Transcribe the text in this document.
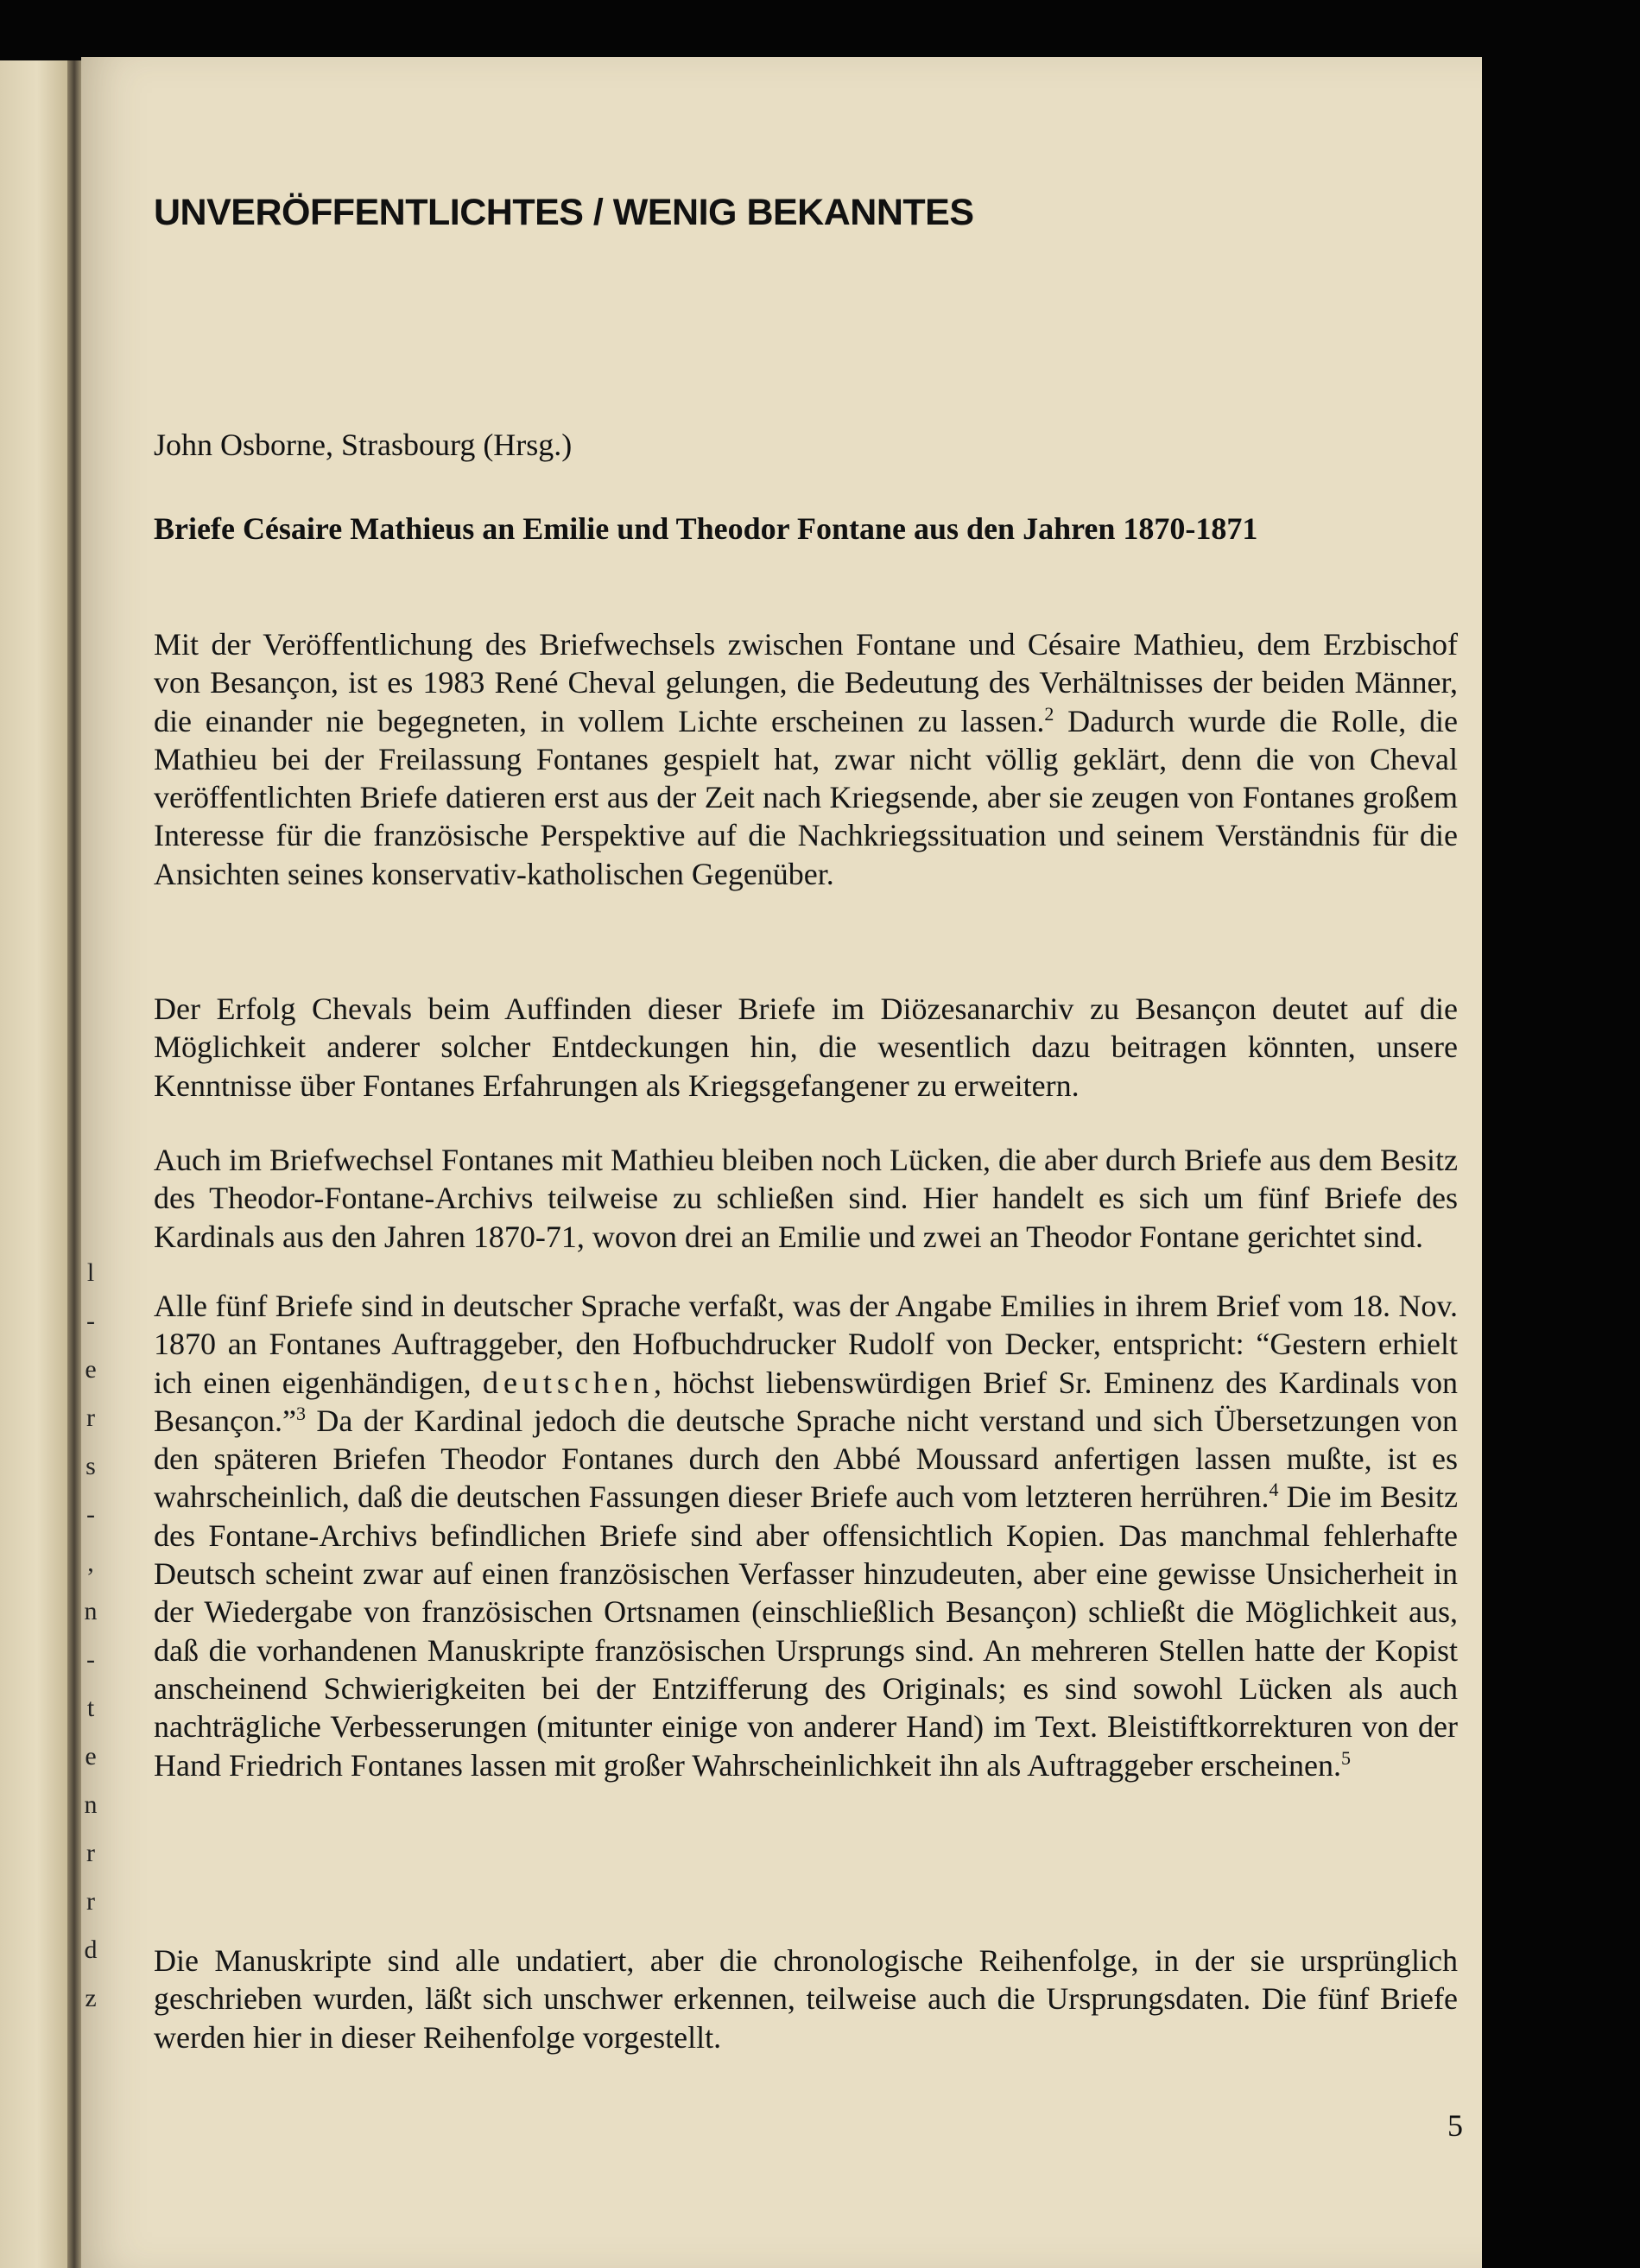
l
-
e
r
s
-
,
n
-
t
e
n
r
r
d
z
UNVERÖFFENTLICHTES / WENIG BEKANNTES

John Osborne, Strasbourg (Hrsg.)

Briefe Césaire Mathieus an Emilie und Theodor Fontane aus den Jahren 1870-1871

Mit der Veröffentlichung des Briefwechsels zwischen Fontane und Césaire Mathieu, dem Erzbischof von Besançon, ist es 1983 René Cheval gelungen, die Bedeutung des Verhältnisses der beiden Männer, die einander nie begegneten, in vollem Lichte erscheinen zu lassen.$^2$ Dadurch wurde die Rolle, die Mathieu bei der Freilassung Fontanes gespielt hat, zwar nicht völlig geklärt, denn die von Cheval veröffentlichten Briefe datieren erst aus der Zeit nach Kriegsende, aber sie zeugen von Fontanes großem Interesse für die französische Perspektive auf die Nachkriegssituation und seinem Verständnis für die Ansichten seines konservativ-katholischen Gegenüber.

Der Erfolg Chevals beim Auffinden dieser Briefe im Diözesanarchiv zu Besançon deutet auf die Möglichkeit anderer solcher Entdeckungen hin, die wesentlich dazu beitragen könnten, unsere Kenntnisse über Fontanes Erfahrungen als Kriegsgefangener zu erweitern.

Auch im Briefwechsel Fontanes mit Mathieu bleiben noch Lücken, die aber durch Briefe aus dem Besitz des Theodor-Fontane-Archivs teilweise zu schließen sind. Hier handelt es sich um fünf Briefe des Kardinals aus den Jahren 1870-71, wovon drei an Emilie und zwei an Theodor Fontane gerichtet sind.

Alle fünf Briefe sind in deutscher Sprache verfaßt, was der Angabe Emilies in ihrem Brief vom 18. Nov. 1870 an Fontanes Auftraggeber, den Hofbuchdrucker Rudolf von Decker, entspricht: “Gestern erhielt ich einen eigenhändigen, deutschen, höchst liebenswürdigen Brief Sr. Eminenz des Kardinals von Besançon.”$^3$ Da der Kardinal jedoch die deutsche Sprache nicht verstand und sich Übersetzungen von den späteren Briefen Theodor Fontanes durch den Abbé Moussard anfertigen lassen mußte, ist es wahrscheinlich, daß die deutschen Fassungen dieser Briefe auch vom letzteren herrühren.$^4$ Die im Besitz des Fontane-Archivs befindlichen Briefe sind aber offensichtlich Kopien. Das manchmal fehlerhafte Deutsch scheint zwar auf einen französischen Verfasser hinzudeuten, aber eine gewisse Unsicherheit in der Wiedergabe von französischen Ortsnamen (einschließlich Besançon) schließt die Möglichkeit aus, daß die vorhandenen Manuskripte französischen Ursprungs sind. An mehreren Stellen hatte der Kopist anscheinend Schwierigkeiten bei der Entzifferung des Originals; es sind sowohl Lücken als auch nachträgliche Verbesserungen (mitunter einige von anderer Hand) im Text. Bleistiftkorrekturen von der Hand Friedrich Fontanes lassen mit großer Wahrscheinlichkeit ihn als Auftraggeber erscheinen.$^5$

Die Manuskripte sind alle undatiert, aber die chronologische Reihenfolge, in der sie ursprünglich geschrieben wurden, läßt sich unschwer erkennen, teilweise auch die Ursprungsdaten. Die fünf Briefe werden hier in dieser Reihenfolge vorgestellt.

5
